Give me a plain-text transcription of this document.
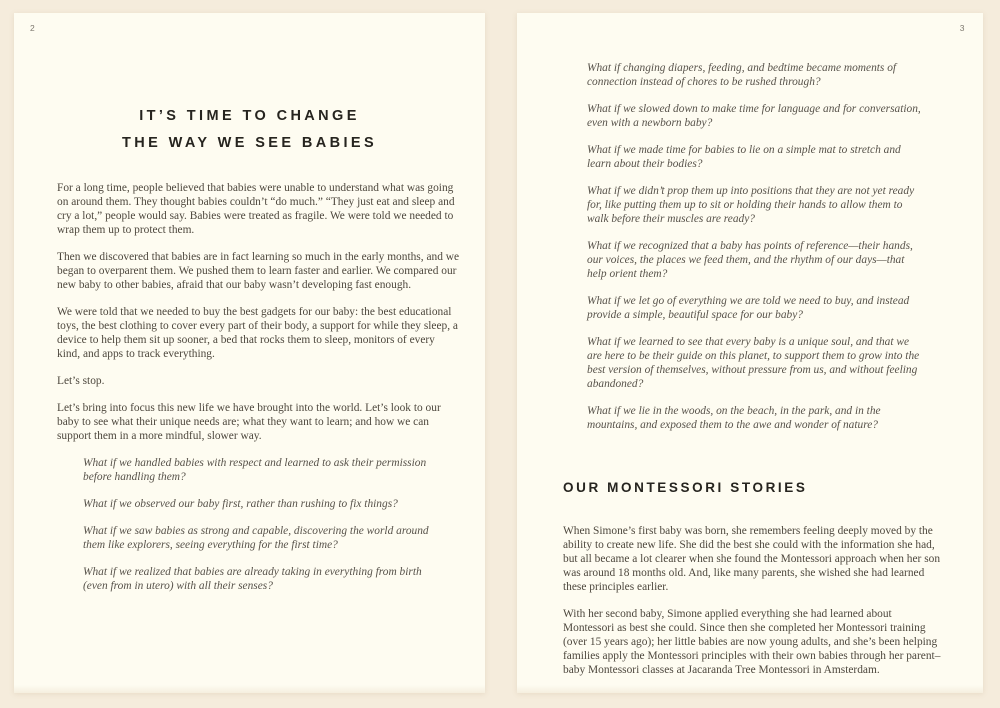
2
IT’S TIME TO CHANGE
THE WAY WE SEE BABIES

For a long time, people believed that babies were unable to understand what was going on around them. They thought babies couldn’t “do much.” “They just eat and sleep and cry a lot,” people would say. Babies were treated as fragile. We were told we needed to wrap them up to protect them.

Then we discovered that babies are in fact learning so much in the early months, and we began to overparent them. We pushed them to learn faster and earlier. We compared our new baby to other babies, afraid that our baby wasn’t developing fast enough.

We were told that we needed to buy the best gadgets for our baby: the best educational toys, the best clothing to cover every part of their body, a support for while they sleep, a device to help them sit up sooner, a bed that rocks them to sleep, monitors of every kind, and apps to track everything.

Let’s stop.

Let’s bring into focus this new life we have brought into the world. Let’s look to our baby to see what their unique needs are; what they want to learn; and how we can support them in a more mindful, slower way.

What if we handled babies with respect and learned to ask their permission before handling them?

What if we observed our baby first, rather than rushing to fix things?

What if we saw babies as strong and capable, discovering the world around them like explorers, seeing everything for the first time?

What if we realized that babies are already taking in everything from birth (even from in utero) with all their senses?

3

What if changing diapers, feeding, and bedtime became moments of connection instead of chores to be rushed through?

What if we slowed down to make time for language and for conversation, even with a newborn baby?

What if we made time for babies to lie on a simple mat to stretch and learn about their bodies?

What if we didn’t prop them up into positions that they are not yet ready for, like putting them up to sit or holding their hands to allow them to walk before their muscles are ready?

What if we recognized that a baby has points of reference—their hands, our voices, the places we feed them, and the rhythm of our days—that help orient them?

What if we let go of everything we are told we need to buy, and instead provide a simple, beautiful space for our baby?

What if we learned to see that every baby is a unique soul, and that we are here to be their guide on this planet, to support them to grow into the best version of themselves, without pressure from us, and without feeling abandoned?

What if we lie in the woods, on the beach, in the park, and in the mountains, and exposed them to the awe and wonder of nature?

OUR MONTESSORI STORIES

When Simone’s first baby was born, she remembers feeling deeply moved by the ability to create new life. She did the best she could with the information she had, but all became a lot clearer when she found the Montessori approach when her son was around 18 months old. And, like many parents, she wished she had learned these principles earlier.

With her second baby, Simone applied everything she had learned about Montessori as best she could. Since then she completed her Montessori training (over 15 years ago); her little babies are now young adults, and she’s been helping families apply the Montessori principles with their own babies through her parent–baby Montessori classes at Jacaranda Tree Montessori in Amsterdam.
